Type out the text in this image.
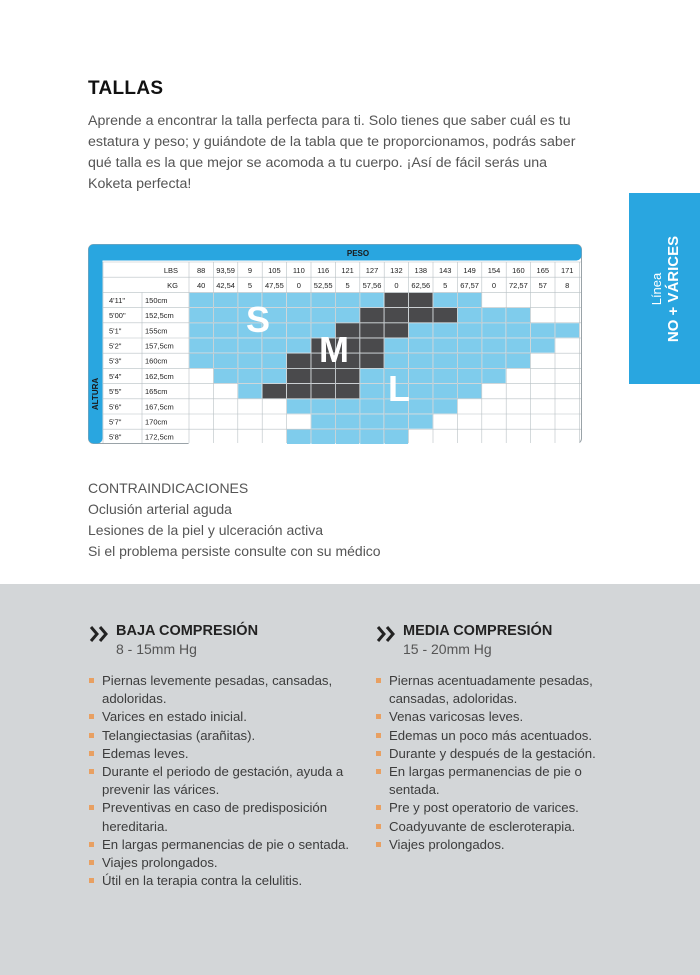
TALLAS

Aprende a encontrar la talla perfecta para ti. Solo tienes que saber cuál es tu estatura y peso; y guiándote de la tabla que te proporcionamos, podrás saber qué talla es la que mejor se acomoda a tu cuerpo. ¡Así de fácil serás una Koketa perfecta!

Línea NO + VÁRICES
PESO
ALTURA
LBS
KG
88 93,59 9 105 110 116 121 127 132 138 143 149 154 160 165 171
40 42,54 5 47,55 0 52,55 5 57,56 0 62,56 5 67,57 0 72,57 57 8
4'11"
5'00"
5'1"
5'2"
5'3"
5'4"
5'5"
5'6"
5'7"
5'8"
150cm
152,5cm
155cm
157,5cm
160cm
162,5cm
165cm
167,5cm
170cm
172,5cm
S
M
L
CONTRAINDICACIONES
Oclusión arterial aguda
Lesiones de la piel y ulceración activa
Si el problema persiste consulte con su médico
BAJA COMPRESIÓN
8 - 15mm Hg
Piernas levemente pesadas, cansadas, adoloridas.
Varices en estado inicial.
Telangiectasias (arañitas).
Edemas leves.
Durante el periodo de gestación, ayuda a prevenir las várices.
Preventivas en caso de predisposición hereditaria.
En largas permanencias de pie o sentada.
Viajes prolongados.
Útil en la terapia contra la celulitis.
MEDIA COMPRESIÓN
15 - 20mm Hg
Piernas acentuadamente pesadas, cansadas, adoloridas.
Venas varicosas leves.
Edemas un poco más acentuados.
Durante y después de la gestación.
En largas permanencias de pie o sentada.
Pre y post operatorio de varices.
Coadyuvante de escleroterapia.
Viajes prolongados.
